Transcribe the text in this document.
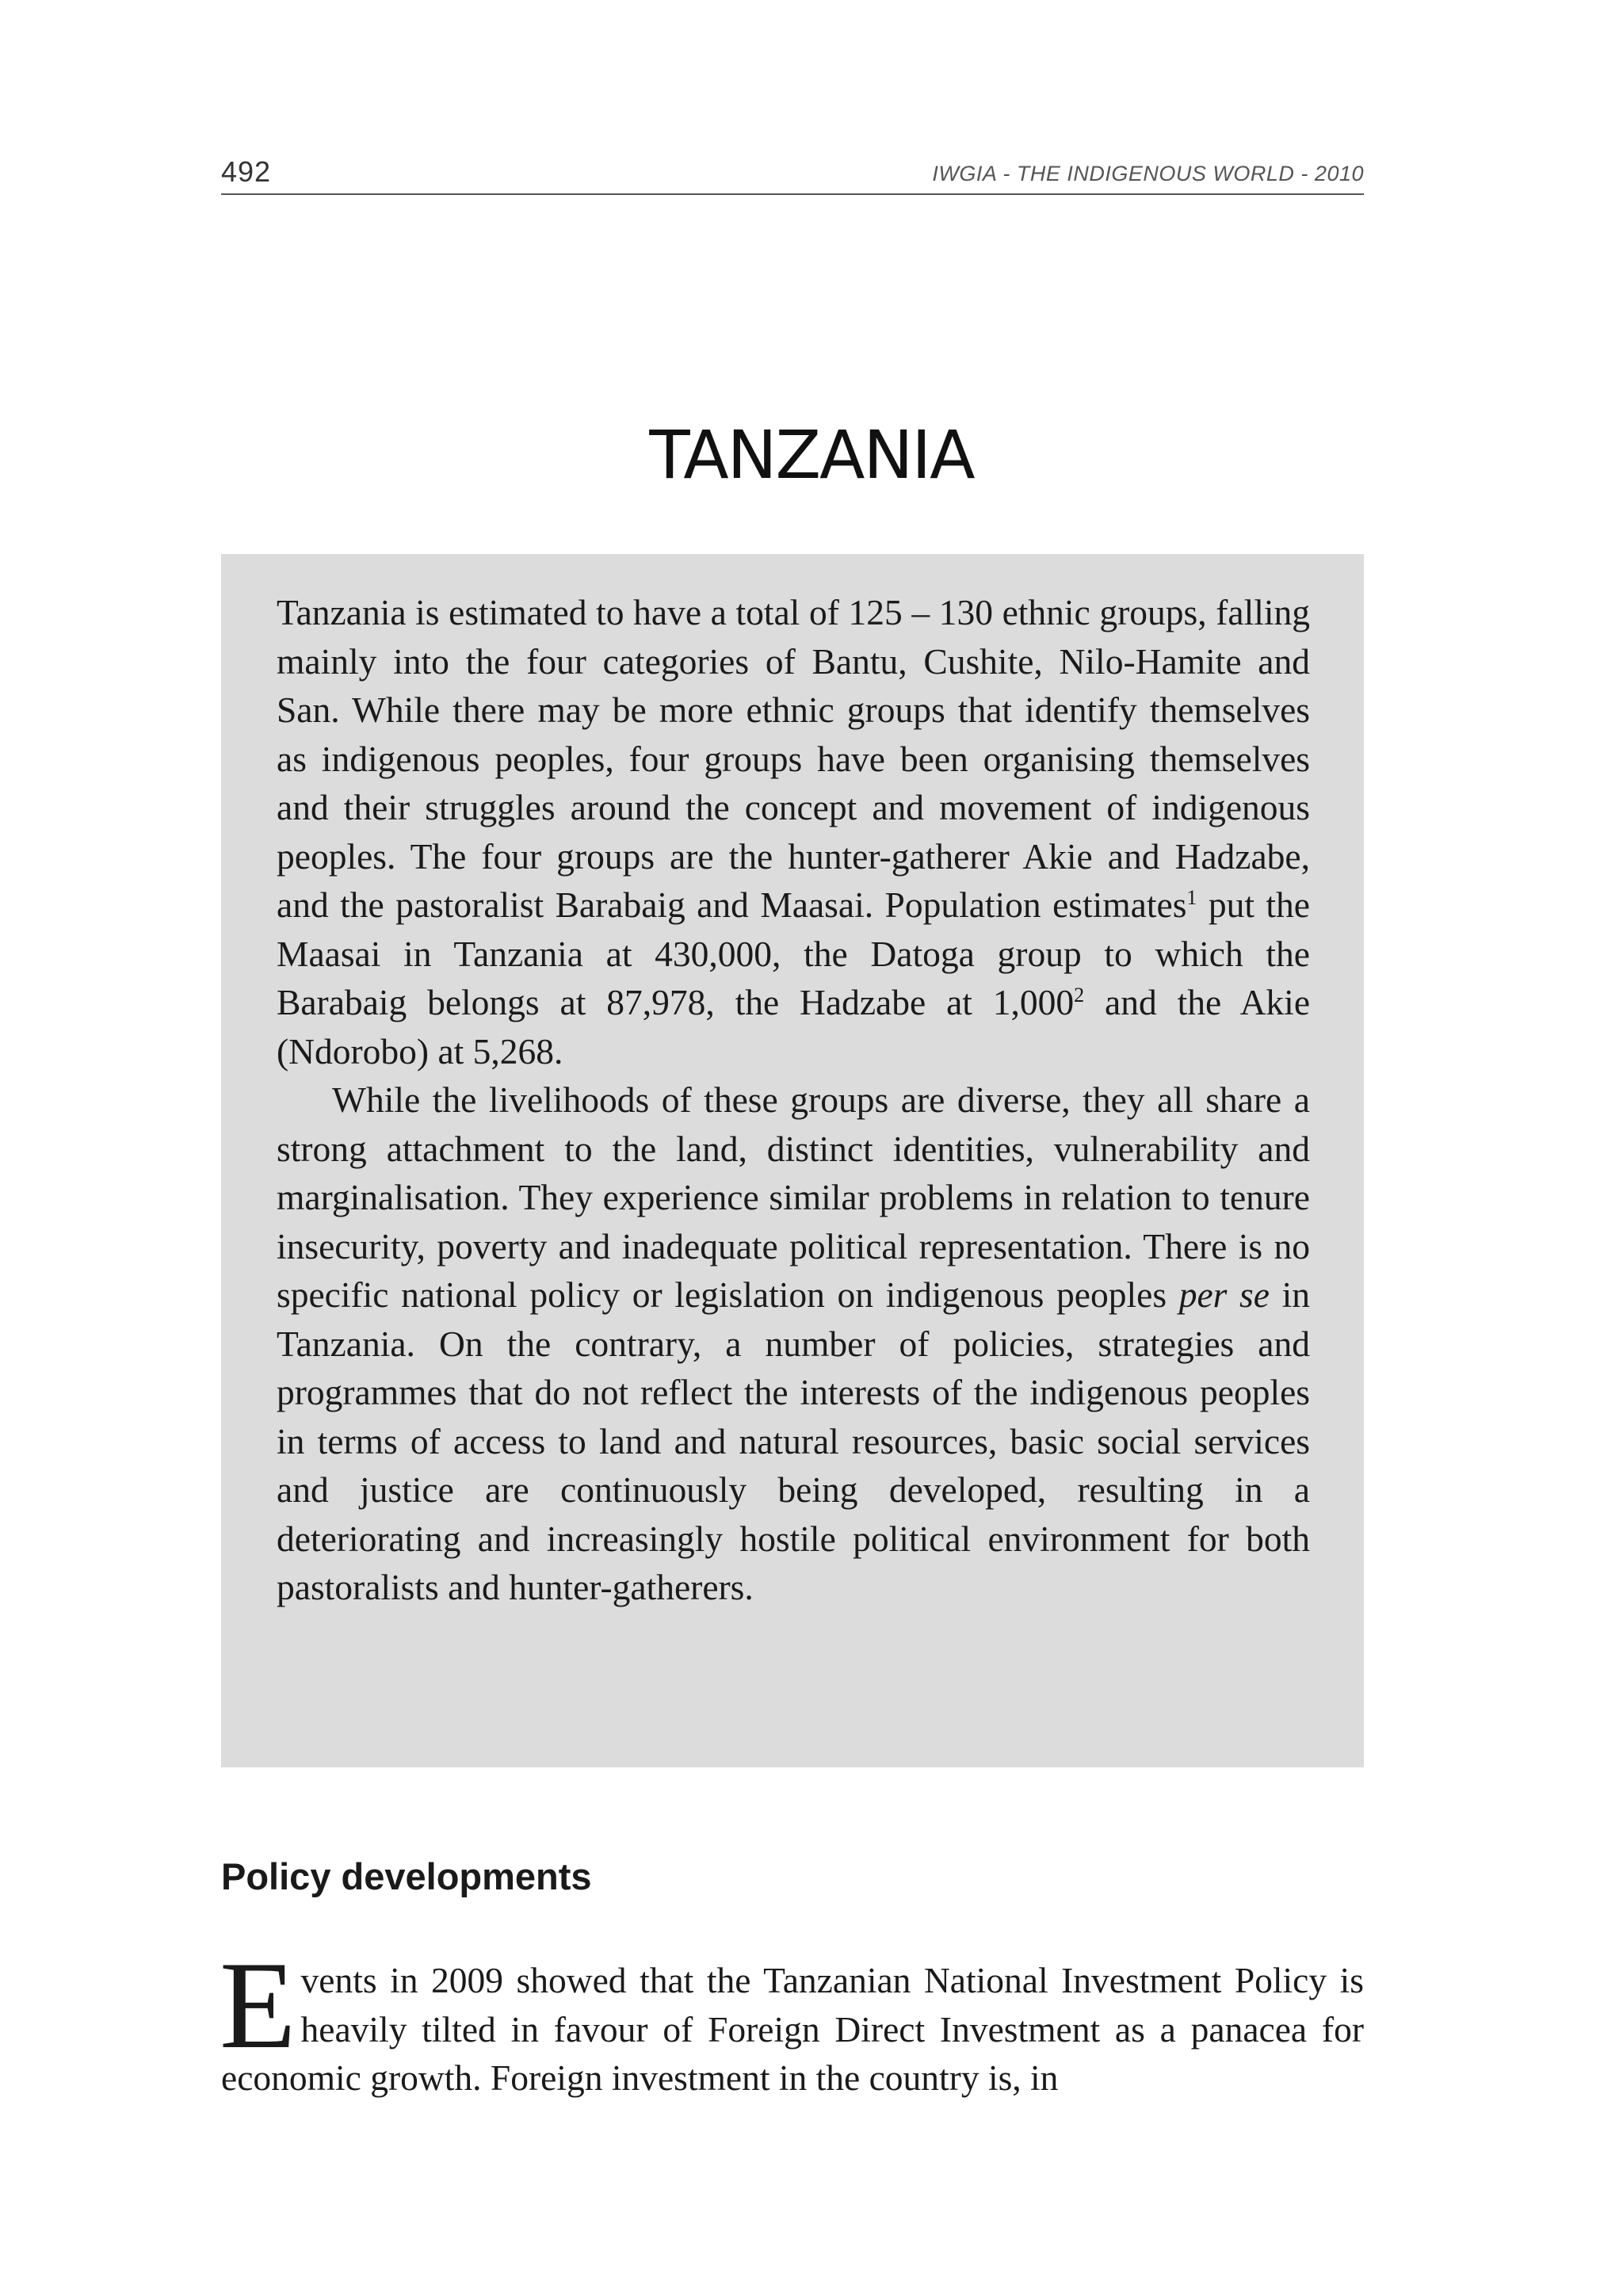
492	IWGIA - THE INDIGENOUS WORLD - 2010
TANZANIA

Tanzania is estimated to have a total of 125 – 130 ethnic groups, falling mainly into the four categories of Bantu, Cushite, Nilo-Hamite and San. While there may be more ethnic groups that identify themselves as indigenous peoples, four groups have been organising themselves and their struggles around the concept and movement of indigenous peoples. The four groups are the hunter-gatherer Akie and Hadzabe, and the pastoralist Barabaig and Maasai. Population estimates$^1$ put the Maasai in Tanzania at 430,000, the Datoga group to which the Barabaig belongs at 87,978, the Hadzabe at 1,000$^2$ and the Akie (Ndorobo) at 5,268.

While the livelihoods of these groups are diverse, they all share a strong attachment to the land, distinct identities, vulnerability and marginalisation. They experience similar problems in relation to tenure insecurity, poverty and inadequate political representation. There is no specific national policy or legislation on indigenous peoples per se in Tanzania. On the contrary, a number of policies, strategies and programmes that do not reflect the interests of the indigenous peoples in terms of access to land and natural resources, basic social services and justice are continuously being developed, resulting in a deteriorating and increasingly hostile political environment for both pastoralists and hunter-gatherers.

Policy developments

Events in 2009 showed that the Tanzanian National Investment Policy is heavily tilted in favour of Foreign Direct Investment as a panacea for economic growth. Foreign investment in the country is, in
